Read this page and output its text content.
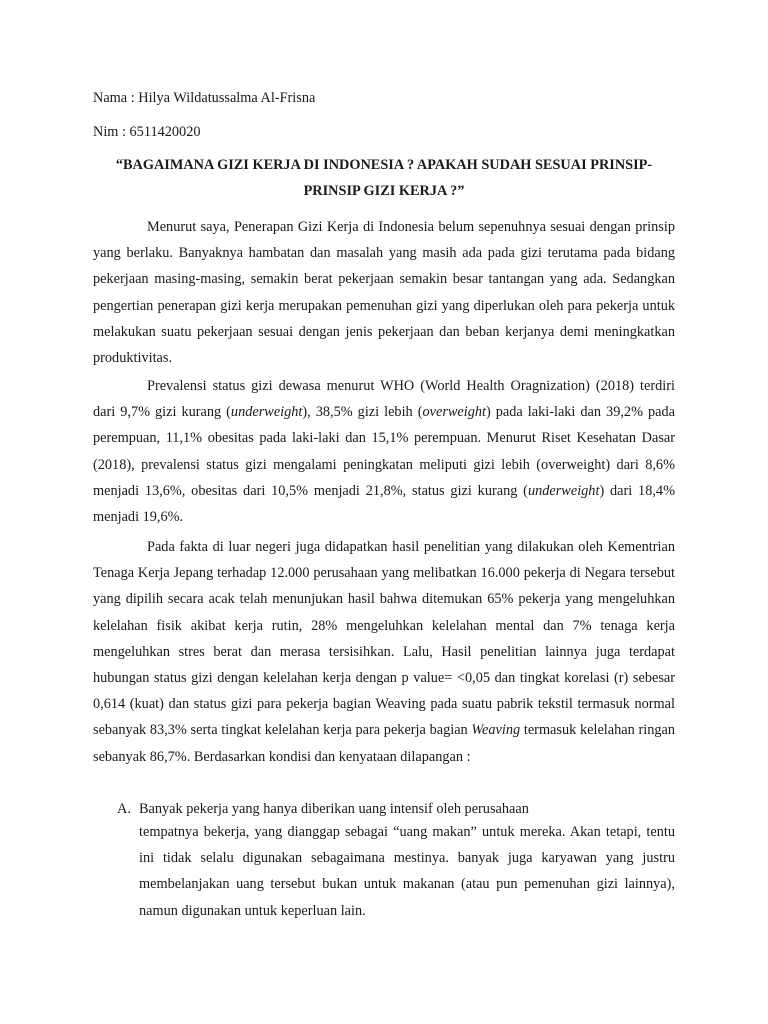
Nama : Hilya Wildatussalma Al-Frisna
Nim : 6511420020
“BAGAIMANA GIZI KERJA DI INDONESIA ? APAKAH SUDAH SESUAI PRINSIP-
PRINSIP GIZI KERJA ?”

Menurut saya, Penerapan Gizi Kerja di Indonesia belum sepenuhnya sesuai dengan prinsip yang berlaku. Banyaknya hambatan dan masalah yang masih ada pada gizi terutama pada bidang pekerjaan masing-masing, semakin berat pekerjaan semakin besar tantangan yang ada. Sedangkan pengertian penerapan gizi kerja merupakan pemenuhan gizi yang diperlukan oleh para pekerja untuk melakukan suatu pekerjaan sesuai dengan jenis pekerjaan dan beban kerjanya demi meningkatkan produktivitas.

Prevalensi status gizi dewasa menurut WHO (World Health Oragnization) (2018) terdiri dari 9,7% gizi kurang (underweight), 38,5% gizi lebih (overweight) pada laki-laki dan 39,2% pada perempuan, 11,1% obesitas pada laki-laki dan 15,1% perempuan. Menurut Riset Kesehatan Dasar (2018), prevalensi status gizi mengalami peningkatan meliputi gizi lebih (overweight) dari 8,6% menjadi 13,6%, obesitas dari 10,5% menjadi 21,8%, status gizi kurang (underweight) dari 18,4% menjadi 19,6%.

Pada fakta di luar negeri juga didapatkan hasil penelitian yang dilakukan oleh Kementrian Tenaga Kerja Jepang terhadap 12.000 perusahaan yang melibatkan 16.000 pekerja di Negara tersebut yang dipilih secara acak telah menunjukan hasil bahwa ditemukan 65% pekerja yang mengeluhkan kelelahan fisik akibat kerja rutin, 28% mengeluhkan kelelahan mental dan 7% tenaga kerja mengeluhkan stres berat dan merasa tersisihkan. Lalu, Hasil penelitian lainnya juga terdapat hubungan status gizi dengan kelelahan kerja dengan p value= <0,05 dan tingkat korelasi (r) sebesar 0,614 (kuat) dan status gizi para pekerja bagian Weaving pada suatu pabrik tekstil termasuk normal sebanyak 83,3% serta tingkat kelelahan kerja para pekerja bagian Weaving termasuk kelelahan ringan sebanyak 86,7%. Berdasarkan kondisi dan kenyataan dilapangan :

A. Banyak pekerja yang hanya diberikan uang intensif oleh perusahaan

tempatnya bekerja, yang dianggap sebagai “uang makan” untuk mereka. Akan tetapi, tentu ini tidak selalu digunakan sebagaimana mestinya. banyak juga karyawan yang justru membelanjakan uang tersebut bukan untuk makanan (atau pun pemenuhan gizi lainnya), namun digunakan untuk keperluan lain.
